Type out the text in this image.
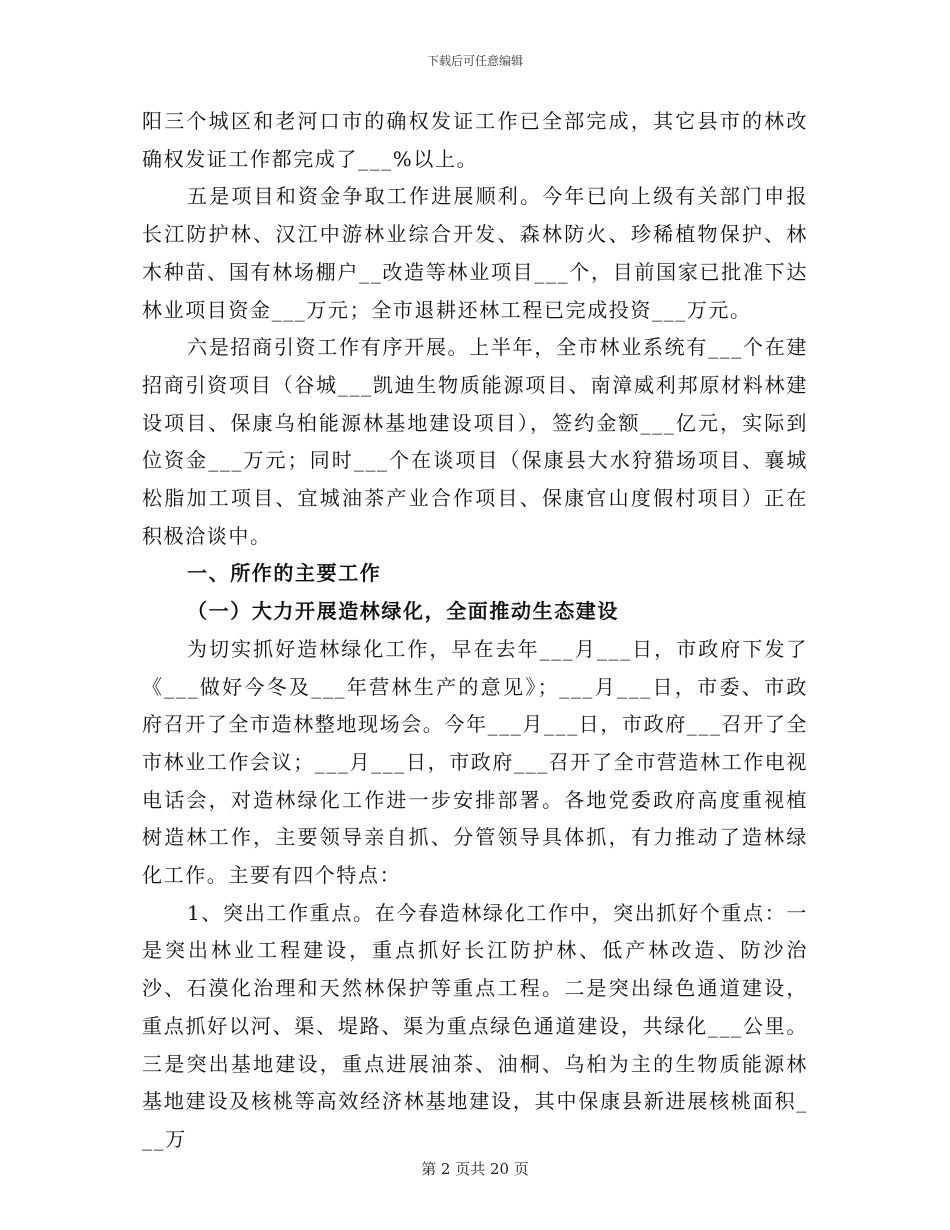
下载后可任意编辑

阳三个城区和老河口市的确权发证工作已全部完成，其它县市的林改确权发证工作都完成了___%以上。

五是项目和资金争取工作进展顺利。今年已向上级有关部门申报长江防护林、汉江中游林业综合开发、森林防火、珍稀植物保护、林木种苗、国有林场棚户__改造等林业项目___个，目前国家已批准下达林业项目资金___万元；全市退耕还林工程已完成投资___万元。

六是招商引资工作有序开展。上半年，全市林业系统有___个在建招商引资项目（谷城___凯迪生物质能源项目、南漳威利邦原材料林建设项目、保康乌桕能源林基地建设项目），签约金额___亿元，实际到位资金___万元；同时___个在谈项目（保康县大水狩猎场项目、襄城松脂加工项目、宜城油茶产业合作项目、保康官山度假村项目）正在积极洽谈中。

一、所作的主要工作

（一）大力开展造林绿化，全面推动生态建设

为切实抓好造林绿化工作，早在去年___月___日，市政府下发了《___做好今冬及___年营林生产的意见》；___月___日，市委、市政府召开了全市造林整地现场会。今年___月___日，市政府___召开了全市林业工作会议；___月___日，市政府___召开了全市营造林工作电视电话会，对造林绿化工作进一步安排部署。各地党委政府高度重视植树造林工作，主要领导亲自抓、分管领导具体抓，有力推动了造林绿化工作。主要有四个特点：

1、突出工作重点。在今春造林绿化工作中，突出抓好个重点：一是突出林业工程建设，重点抓好长江防护林、低产林改造、防沙治沙、石漠化治理和天然林保护等重点工程。二是突出绿色通道建设，重点抓好以河、渠、堤路、渠为重点绿色通道建设，共绿化___公里。三是突出基地建设，重点进展油茶、油桐、乌桕为主的生物质能源林基地建设及核桃等高效经济林基地建设，其中保康县新进展核桃面积___万

第 2 页共 20 页
